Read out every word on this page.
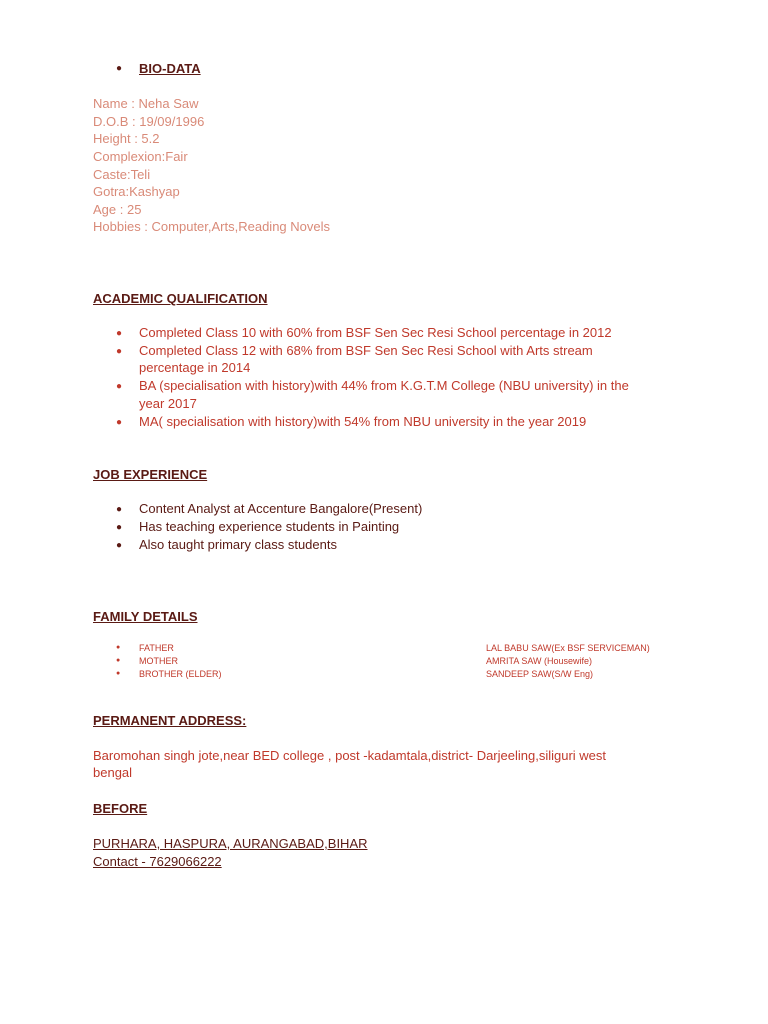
● BIO-DATA
Name : Neha Saw
D.O.B : 19/09/1996
Height : 5.2
Complexion:Fair
Caste:Teli
Gotra:Kashyap
Age : 25
Hobbies : Computer,Arts,Reading Novels
ACADEMIC QUALIFICATION
● Completed Class 10 with 60% from BSF Sen Sec Resi School percentage in 2012
● Completed Class 12 with 68% from BSF Sen Sec Resi School with Arts stream
percentage in 2014
● BA (specialisation with history)with 44% from K.G.T.M College (NBU university) in the
year 2017
● MA( specialisation with history)with 54% from NBU university in the year 2019
JOB EXPERIENCE
● Content Analyst at Accenture Bangalore(Present)
● Has teaching experience students in Painting
● Also taught primary class students
FAMILY DETAILS
● FATHER	LAL BABU SAW(Ex BSF SERVICEMAN)
● MOTHER	AMRITA SAW (Housewife)
● BROTHER (ELDER)	SANDEEP SAW(S/W Eng)
PERMANENT ADDRESS:
Baromohan singh jote,near BED college , post -kadamtala,district- Darjeeling,siliguri west
bengal
BEFORE
PURHARA, HASPURA, AURANGABAD,BIHAR
Contact - 7629066222
